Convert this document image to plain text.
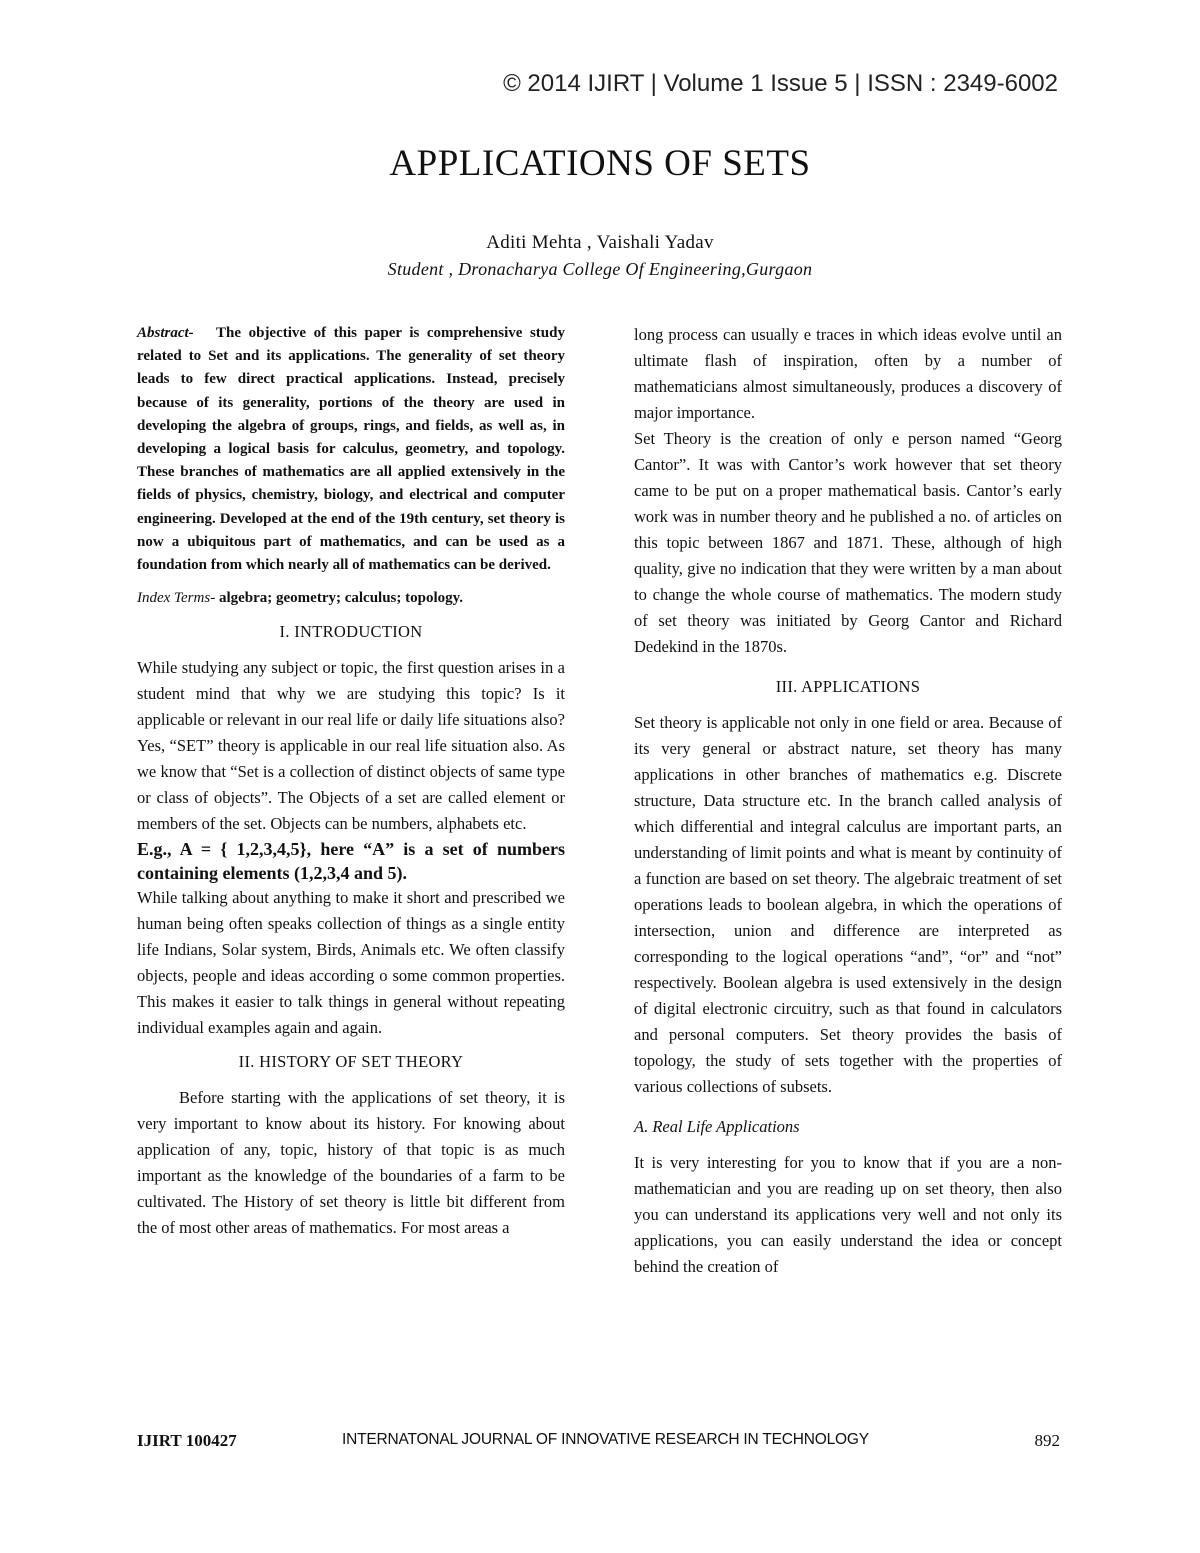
© 2014 IJIRT | Volume 1 Issue 5 | ISSN : 2349-6002
APPLICATIONS OF SETS
Aditi Mehta , Vaishali Yadav
Student , Dronacharya College Of Engineering,Gurgaon

Abstract- The objective of this paper is comprehensive study related to Set and its applications. The generality of set theory leads to few direct practical applications. Instead, precisely because of its generality, portions of the theory are used in developing the algebra of groups, rings, and fields, as well as, in developing a logical basis for calculus, geometry, and topology. These branches of mathematics are all applied extensively in the fields of physics, chemistry, biology, and electrical and computer engineering. Developed at the end of the 19th century, set theory is now a ubiquitous part of mathematics, and can be used as a foundation from which nearly all of mathematics can be derived.

Index Terms- algebra; geometry; calculus; topology.

I. INTRODUCTION

While studying any subject or topic, the first question arises in a student mind that why we are studying this topic? Is it applicable or relevant in our real life or daily life situations also? Yes, “SET” theory is applicable in our real life situation also. As we know that “Set is a collection of distinct objects of same type or class of objects”. The Objects of a set are called element or members of the set. Objects can be numbers, alphabets etc.

E.g., A = { 1,2,3,4,5}, here “A” is a set of numbers containing elements (1,2,3,4 and 5).

While talking about anything to make it short and prescribed we human being often speaks collection of things as a single entity life Indians, Solar system, Birds, Animals etc. We often classify objects, people and ideas according o some common properties. This makes it easier to talk things in general without repeating individual examples again and again.

II. HISTORY OF SET THEORY

Before starting with the applications of set theory, it is very important to know about its history. For knowing about application of any, topic, history of that topic is as much important as the knowledge of the boundaries of a farm to be cultivated. The History of set theory is little bit different from the of most other areas of mathematics. For most areas a

long process can usually e traces in which ideas evolve until an ultimate flash of inspiration, often by a number of mathematicians almost simultaneously, produces a discovery of major importance.

Set Theory is the creation of only e person named “Georg Cantor”. It was with Cantor’s work however that set theory came to be put on a proper mathematical basis. Cantor’s early work was in number theory and he published a no. of articles on this topic between 1867 and 1871. These, although of high quality, give no indication that they were written by a man about to change the whole course of mathematics. The modern study of set theory was initiated by Georg Cantor and Richard Dedekind in the 1870s.

III. APPLICATIONS

Set theory is applicable not only in one field or area. Because of its very general or abstract nature, set theory has many applications in other branches of mathematics e.g. Discrete structure, Data structure etc. In the branch called analysis of which differential and integral calculus are important parts, an understanding of limit points and what is meant by continuity of a function are based on set theory. The algebraic treatment of set operations leads to boolean algebra, in which the operations of intersection, union and difference are interpreted as corresponding to the logical operations “and”, “or” and “not” respectively. Boolean algebra is used extensively in the design of digital electronic circuitry, such as that found in calculators and personal computers. Set theory provides the basis of topology, the study of sets together with the properties of various collections of subsets.

A. Real Life Applications

It is very interesting for you to know that if you are a non-mathematician and you are reading up on set theory, then also you can understand its applications very well and not only its applications, you can easily understand the idea or concept behind the creation of

IJIRT 100427	INTERNATONAL JOURNAL OF INNOVATIVE RESEARCH IN TECHNOLOGY	892
